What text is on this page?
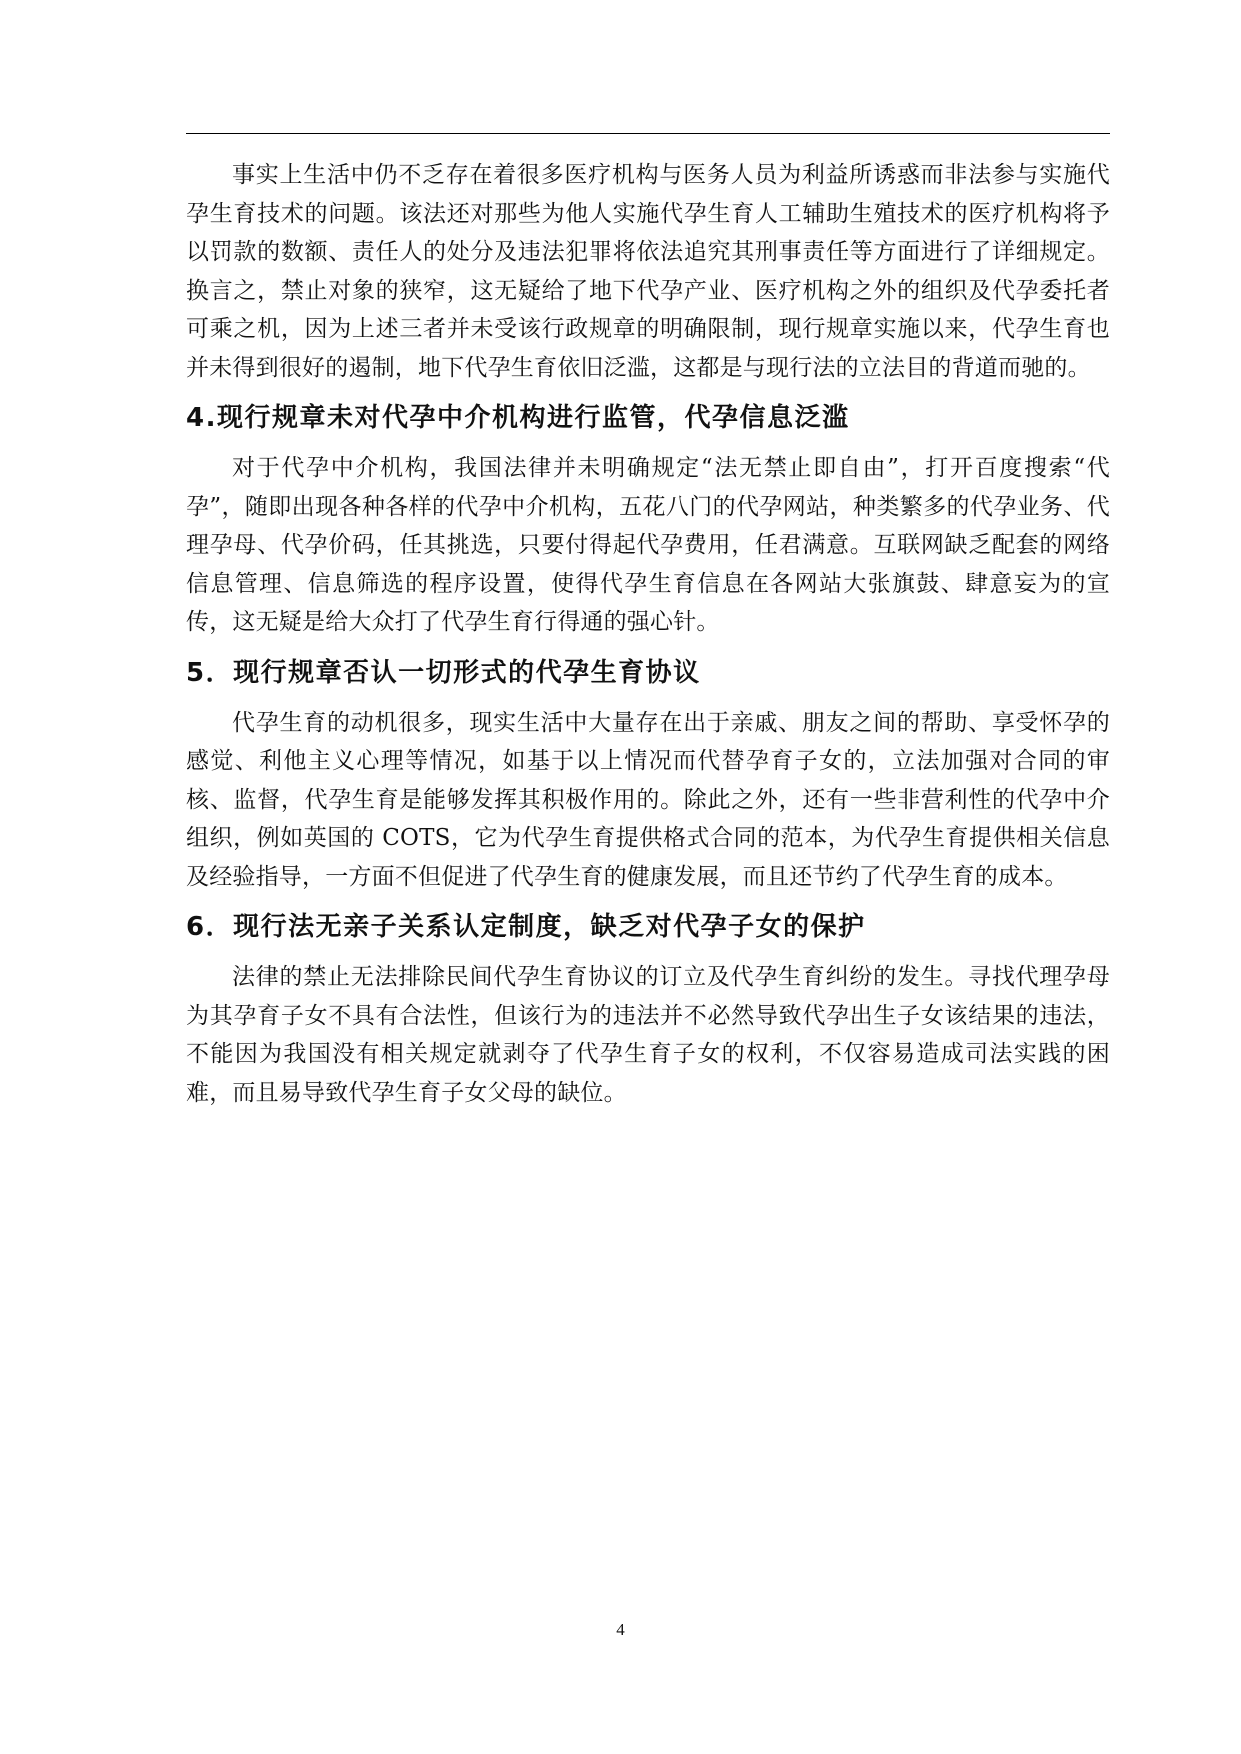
事实上生活中仍不乏存在着很多医疗机构与医务人员为利益所诱惑而非法参与实施代孕生育技术的问题。该法还对那些为他人实施代孕生育人工辅助生殖技术的医疗机构将予以罚款的数额、责任人的处分及违法犯罪将依法追究其刑事责任等方面进行了详细规定。换言之，禁止对象的狭窄，这无疑给了地下代孕产业、医疗机构之外的组织及代孕委托者可乘之机，因为上述三者并未受该行政规章的明确限制，现行规章实施以来，代孕生育也并未得到很好的遏制，地下代孕生育依旧泛滥，这都是与现行法的立法目的背道而驰的。

4.现行规章未对代孕中介机构进行监管，代孕信息泛滥

对于代孕中介机构，我国法律并未明确规定“法无禁止即自由”，打开百度搜索“代孕”，随即出现各种各样的代孕中介机构，五花八门的代孕网站，种类繁多的代孕业务、代理孕母、代孕价码，任其挑选，只要付得起代孕费用，任君满意。互联网缺乏配套的网络信息管理、信息筛选的程序设置，使得代孕生育信息在各网站大张旗鼓、肆意妄为的宣传，这无疑是给大众打了代孕生育行得通的强心针。

5．现行规章否认一切形式的代孕生育协议

代孕生育的动机很多，现实生活中大量存在出于亲戚、朋友之间的帮助、享受怀孕的感觉、利他主义心理等情况，如基于以上情况而代替孕育子女的，立法加强对合同的审核、监督，代孕生育是能够发挥其积极作用的。除此之外，还有一些非营利性的代孕中介组织，例如英国的 COTS，它为代孕生育提供格式合同的范本，为代孕生育提供相关信息及经验指导，一方面不但促进了代孕生育的健康发展，而且还节约了代孕生育的成本。

6．现行法无亲子关系认定制度，缺乏对代孕子女的保护

法律的禁止无法排除民间代孕生育协议的订立及代孕生育纠纷的发生。寻找代理孕母为其孕育子女不具有合法性，但该行为的违法并不必然导致代孕出生子女该结果的违法，不能因为我国没有相关规定就剥夺了代孕生育子女的权利，不仅容易造成司法实践的困难，而且易导致代孕生育子女父母的缺位。

4
